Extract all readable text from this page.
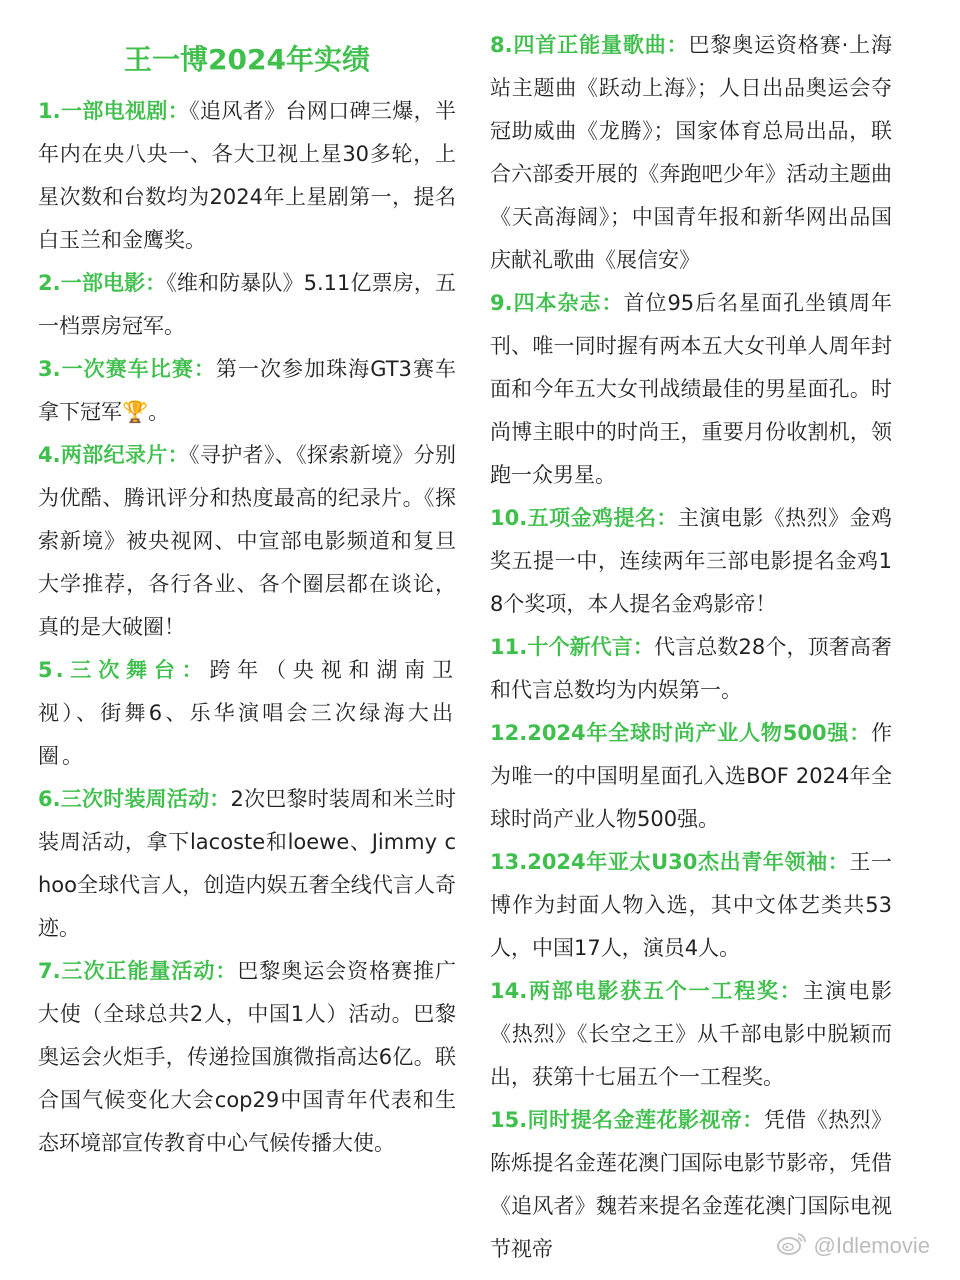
王一博2024年实绩

1.一部电视剧：《追风者》台网口碑三爆，半年内在央八央一、各大卫视上星30多轮，上星次数和台数均为2024年上星剧第一，提名白玉兰和金鹰奖。

2.一部电影：《维和防暴队》5.11亿票房，五一档票房冠军。

3.一次赛车比赛：第一次参加珠海GT3赛车拿下冠军🏆。

4.两部纪录片：《寻护者》、《探索新境》分别为优酷、腾讯评分和热度最高的纪录片。《探索新境》被央视网、中宣部电影频道和复旦大学推荐，各行各业、各个圈层都在谈论，真的是大破圈！

5.三次舞台：跨年（央视和湖南卫视）、街舞6、乐华演唱会三次绿海大出圈。

6.三次时装周活动：2次巴黎时装周和米兰时装周活动，拿下lacoste和loewe、Jimmy choo全球代言人，创造内娱五奢全线代言人奇迹。

7.三次正能量活动：巴黎奥运会资格赛推广大使（全球总共2人，中国1人）活动。巴黎奥运会火炬手，传递捡国旗微指高达6亿。联合国气候变化大会cop29中国青年代表和生态环境部宣传教育中心气候传播大使。

8.四首正能量歌曲：巴黎奥运资格赛·上海站主题曲《跃动上海》；人日出品奥运会夺冠助威曲《龙腾》；国家体育总局出品，联合六部委开展的《奔跑吧少年》活动主题曲《天高海阔》；中国青年报和新华网出品国庆献礼歌曲《展信安》

9.四本杂志：首位95后名星面孔坐镇周年刊、唯一同时握有两本五大女刊单人周年封面和今年五大女刊战绩最佳的男星面孔。时尚博主眼中的时尚王，重要月份收割机，领跑一众男星。

10.五项金鸡提名：主演电影《热烈》金鸡奖五提一中，连续两年三部电影提名金鸡18个奖项，本人提名金鸡影帝！

11.十个新代言：代言总数28个，顶奢高奢和代言总数均为内娱第一。

12.2024年全球时尚产业人物500强：作为唯一的中国明星面孔入选BOF 2024年全球时尚产业人物500强。

13.2024年亚太U30杰出青年领袖：王一博作为封面人物入选，其中文体艺类共53人，中国17人，演员4人。

14.两部电影获五个一工程奖：主演电影《热烈》《长空之王》从千部电影中脱颖而出，获第十七届五个一工程奖。

15.同时提名金莲花影视帝：凭借《热烈》陈烁提名金莲花澳门国际电影节影帝，凭借《追风者》魏若来提名金莲花澳门国际电视节视帝	@Idlemovie
